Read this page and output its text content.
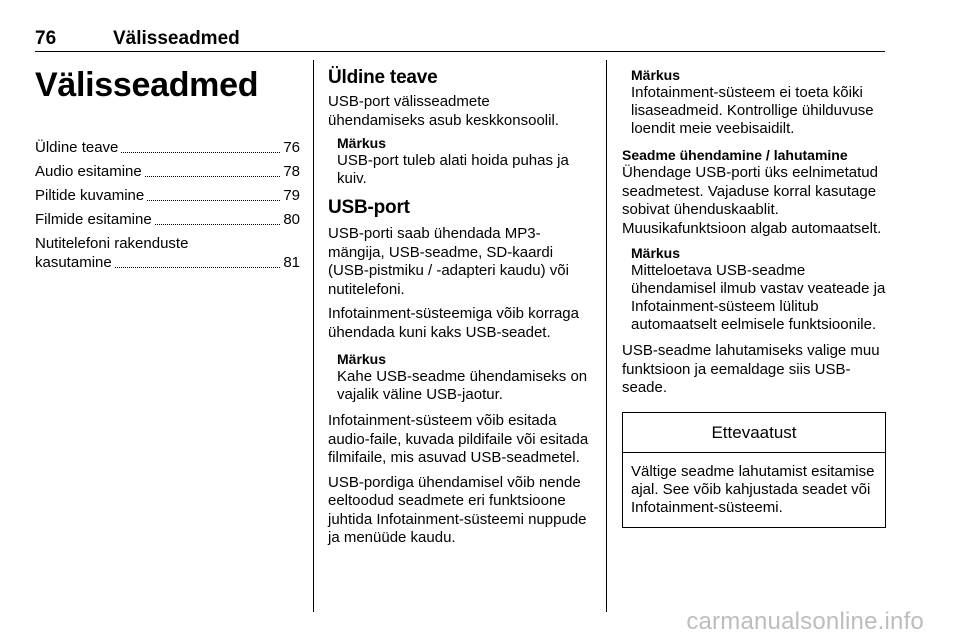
76	Välisseadmed
Välisseadmed
Üldine teave	76
Audio esitamine	78
Piltide kuvamine	79
Filmide esitamine	80
Nutitelefoni rakenduste
kasutamine	81
Üldine teave

USB-port välisseadmete ühendamiseks asub keskkonsoolil.

Märkus

USB-port tuleb alati hoida puhas ja kuiv.

USB-port

USB-porti saab ühendada MP3-mängija, USB-seadme, SD-kaardi (USB-pistmiku / -adapteri kaudu) või nutitelefoni.

Infotainment-süsteemiga võib korraga ühendada kuni kaks USB-seadet.

Märkus

Kahe USB-seadme ühendamiseks on vajalik väline USB-jaotur.

Infotainment-süsteem võib esitada audio-faile, kuvada pildifaile või esitada filmifaile, mis asuvad USB-seadmetel.

USB-pordiga ühendamisel võib nende eeltoodud seadmete eri funktsioone juhtida Infotainment-süsteemi nuppude ja menüüde kaudu.

Märkus

Infotainment-süsteem ei toeta kõiki lisaseadmeid. Kontrollige ühilduvuse loendit meie veebisaidilt.

Seadme ühendamine / lahutamine

Ühendage USB-porti üks eelnimetatud seadmetest. Vajaduse korral kasutage sobivat ühenduskaablit. Muusikafunktsioon algab automaatselt.

Märkus

Mitteloetava USB-seadme ühendamisel ilmub vastav veateade ja Infotainment-süsteem lülitub automaatselt eelmisele funktsioonile.

USB-seadme lahutamiseks valige muu funktsioon ja eemaldage siis USB-seade.

Ettevaatust
Vältige seadme lahutamist esitamise ajal. See võib kahjustada seadet või Infotainment-süsteemi.
carmanualsonline.info
